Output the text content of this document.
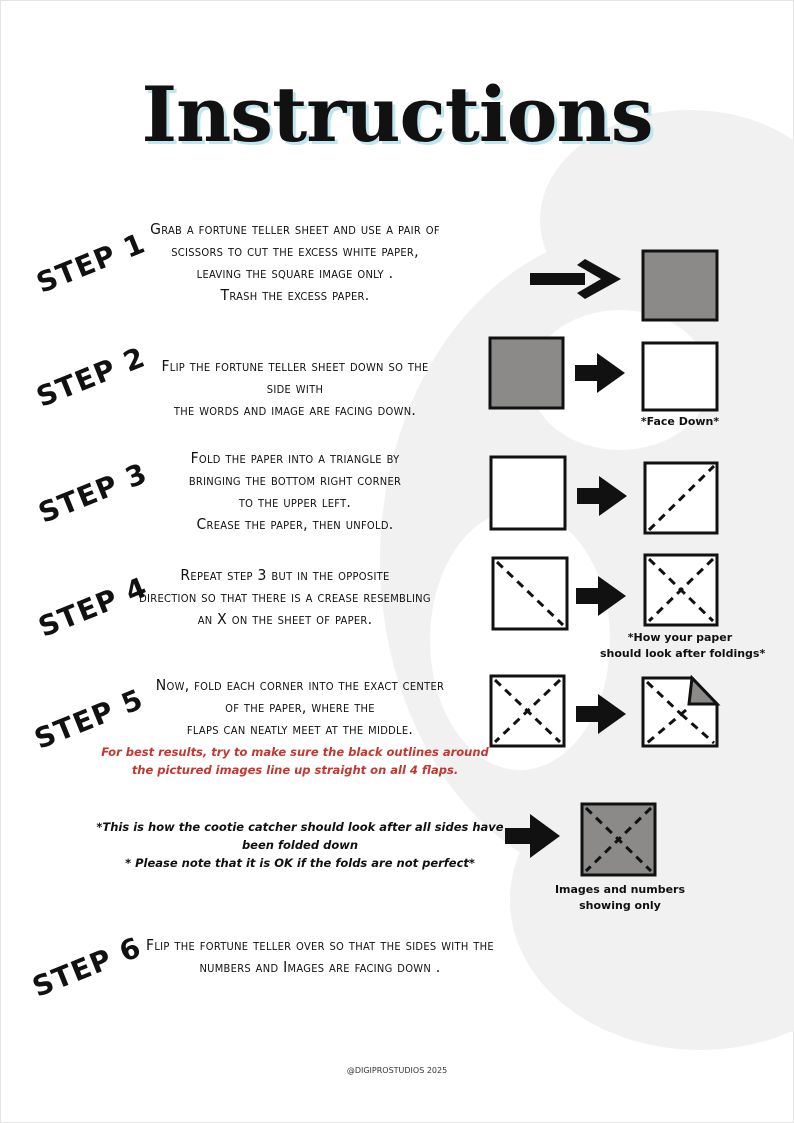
Instructions
STEP 1 Grab a fortune teller sheet and use a pair of
scissors to cut the excess white paper,
leaving the square image only .
Trash the excess paper.
STEP 2 Flip the fortune teller sheet down so the
side with
the words and image are facing down.
*Face Down*
STEP 3	Fold the paper into a triangle by
bringing the bottom right corner
to the upper left.
Crease the paper, then unfold.
STEP 4	Repeat step 3 but in the opposite
direction so that there is a crease resembling
an X on the sheet of paper.
*How your paper
should look after foldings*
STEP 5 Now, fold each corner into the exact center
of the paper, where the
flaps can neatly meet at the middle.
For best results, try to make sure the black outlines around
the pictured images line up straight on all 4 flaps.
*This is how the cootie catcher should look after all sides have
been folded down
* Please note that it is OK if the folds are not perfect*
Images and numbers
showing only
STEP 6 Flip the fortune teller over so that the sides with the
numbers and Images are facing down .
@DIGIPROSTUDIOS 2025
